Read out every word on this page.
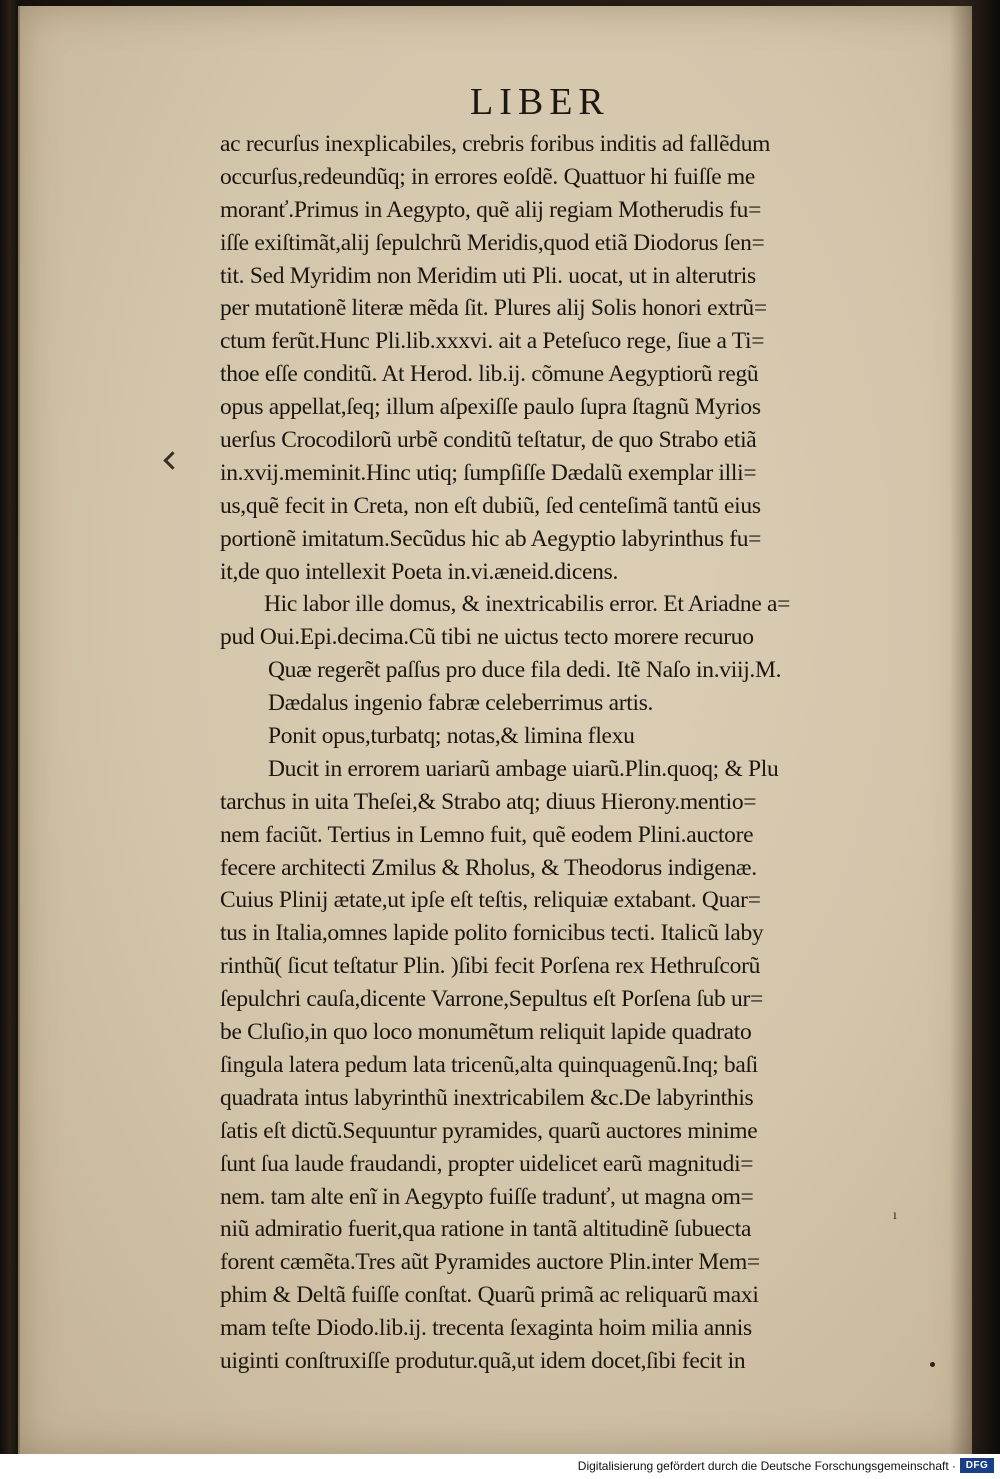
LIBER
ac recurſus inexplicabiles, crebris foribus inditis ad fallẽdum
occurſus,redeundũq; in errores eoſdẽ. Quattuor hi fuiſſe me
moranť.Primus in Aegypto, quẽ alij regiam Motherudis fu=
iſſe exiſtimãt,alij ſepulchrũ Meridis,quod etiã Diodorus ſen=
tit. Sed Myridim non Meridim uti Pli. uocat, ut in alterutris
per mutationẽ literæ mẽda ſit. Plures alij Solis honori extrũ=
ctum ferũt.Hunc Pli.lib.xxxvi. ait a Peteſuco rege, ſiue a Ti=
thoe eſſe conditũ. At Herod. lib.ij. cõmune Aegyptiorũ regũ
opus appellat,ſeq; illum aſpexiſſe paulo ſupra ſtagnũ Myrios
uerſus Crocodilorũ urbẽ conditũ teſtatur, de quo Strabo etiã
in.xvij.meminit.Hinc utiq; ſumpſiſſe Dædalũ exemplar illi=
us,quẽ fecit in Creta, non eſt dubiũ, ſed centeſimã tantũ eius
portionẽ imitatum.Secũdus hic ab Aegyptio labyrinthus fu=
it,de quo intellexit Poeta in.vi.æneid.dicens.
Hic labor ille domus, & inextricabilis error. Et Ariadne a=
pud Oui.Epi.decima.Cũ tibi ne uictus tecto morere recuruo
Quæ regerẽt paſſus pro duce fila dedi. Itẽ Naſo in.viij.M.
Dædalus ingenio fabræ celeberrimus artis.
Ponit opus,turbatq; notas,& limina flexu
Ducit in errorem uariarũ ambage uiarũ.Plin.quoq; & Plu
tarchus in uita Theſei,& Strabo atq; diuus Hierony.mentio=
nem faciũt. Tertius in Lemno fuit, quẽ eodem Plini.auctore
fecere architecti Zmilus & Rholus, & Theodorus indigenæ.
Cuius Plinij ætate,ut ipſe eſt teſtis, reliquiæ extabant. Quar=
tus in Italia,omnes lapide polito fornicibus tecti. Italicũ laby
rinthũ( ſicut teſtatur Plin. )ſibi fecit Porſena rex Hethruſcorũ
ſepulchri cauſa,dicente Varrone,Sepultus eſt Porſena ſub ur=
be Cluſio,in quo loco monumẽtum reliquit lapide quadrato
ſingula latera pedum lata tricenũ,alta quinquagenũ.Inq; baſi
quadrata intus labyrinthũ inextricabilem &c.De labyrinthis
ſatis eſt dictũ.Sequuntur pyramides, quarũ auctores minime
ſunt ſua laude fraudandi, propter uidelicet earũ magnitudi=
nem. tam alte enĩ in Aegypto fuiſſe tradunť, ut magna om=
niũ admiratio fuerit,qua ratione in tantã altitudinẽ ſubuecta
forent cæmẽta.Tres aũt Pyramides auctore Plin.inter Mem=
phim & Deltã fuiſſe conſtat. Quarũ primã ac reliquarũ maxi
mam teſte Diodo.lib.ij. trecenta ſexaginta hoim milia annis
uiginti conſtruxiſſe produtur.quã,ut idem docet,ſibi fecit in
ı
Digitalisierung gefördert durch die Deutsche Forschungsgemeinschaft · DFG
